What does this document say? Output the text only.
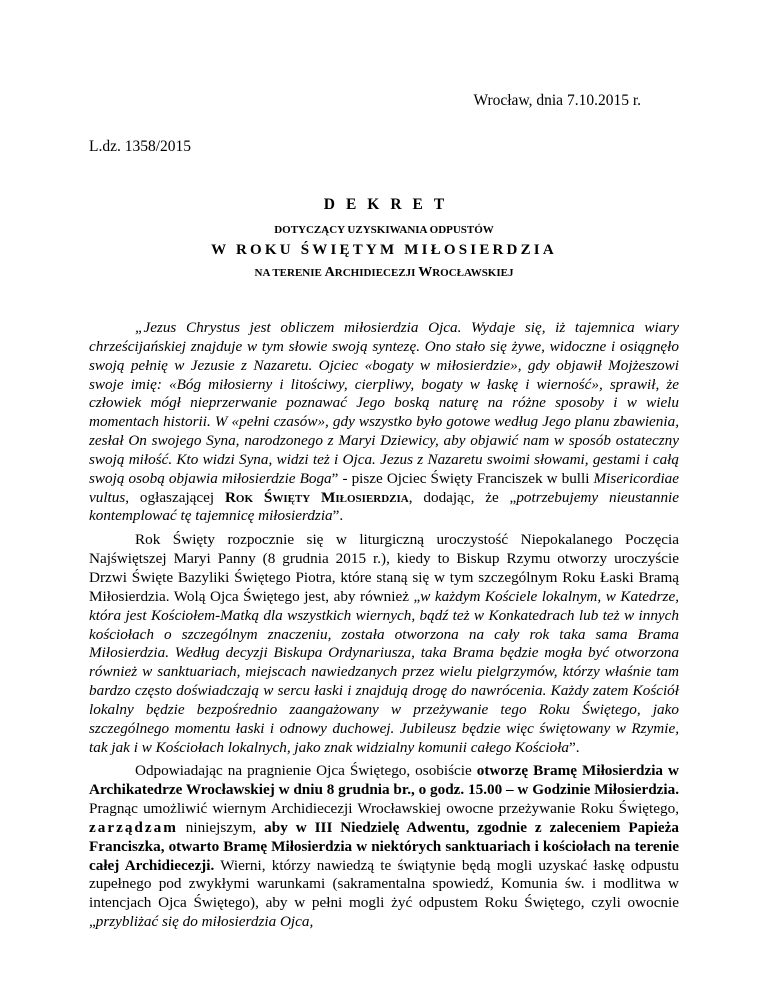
Wrocław, dnia 7.10.2015 r.
L.dz. 1358/2015
DEKRET
DOTYCZĄCY UZYSKIWANIA ODPUSTÓW
W ROKU ŚWIĘTYM MIŁOSIERDZIA
NA TERENIE ARCHIDIECEZJI WROCŁAWSKIEJ

„Jezus Chrystus jest obliczem miłosierdzia Ojca. Wydaje się, iż tajemnica wiary chrześcijańskiej znajduje w tym słowie swoją syntezę. Ono stało się żywe, widoczne i osiągnęło swoją pełnię w Jezusie z Nazaretu. Ojciec «bogaty w miłosierdzie», gdy objawił Mojżeszowi swoje imię: «Bóg miłosierny i litościwy, cierpliwy, bogaty w łaskę i wierność», sprawił, że człowiek mógł nieprzerwanie poznawać Jego boską naturę na różne sposoby i w wielu momentach historii. W «pełni czasów», gdy wszystko było gotowe według Jego planu zbawienia, zesłał On swojego Syna, narodzonego z Maryi Dziewicy, aby objawić nam w sposób ostateczny swoją miłość. Kto widzi Syna, widzi też i Ojca. Jezus z Nazaretu swoimi słowami, gestami i całą swoją osobą objawia miłosierdzie Boga” - pisze Ojciec Święty Franciszek w bulli Misericordiae vultus, ogłaszającej Rok Święty Miłosierdzia, dodając, że „potrzebujemy nieustannie kontemplować tę tajemnicę miłosierdzia”.

Rok Święty rozpocznie się w liturgiczną uroczystość Niepokalanego Poczęcia Najświętszej Maryi Panny (8 grudnia 2015 r.), kiedy to Biskup Rzymu otworzy uroczyście Drzwi Święte Bazyliki Świętego Piotra, które staną się w tym szczególnym Roku Łaski Bramą Miłosierdzia. Wolą Ojca Świętego jest, aby również „w każdym Kościele lokalnym, w Katedrze, która jest Kościołem-Matką dla wszystkich wiernych, bądź też w Konkatedrach lub też w innych kościołach o szczególnym znaczeniu, została otworzona na cały rok taka sama Brama Miłosierdzia. Według decyzji Biskupa Ordynariusza, taka Brama będzie mogła być otworzona również w sanktuariach, miejscach nawiedzanych przez wielu pielgrzymów, którzy właśnie tam bardzo często doświadczają w sercu łaski i znajdują drogę do nawrócenia. Każdy zatem Kościół lokalny będzie bezpośrednio zaangażowany w przeżywanie tego Roku Świętego, jako szczególnego momentu łaski i odnowy duchowej. Jubileusz będzie więc świętowany w Rzymie, tak jak i w Kościołach lokalnych, jako znak widzialny komunii całego Kościoła”.

Odpowiadając na pragnienie Ojca Świętego, osobiście otworzę Bramę Miłosierdzia w Archikatedrze Wrocławskiej w dniu 8 grudnia br., o godz. 15.00 – w Godzinie Miłosierdzia. Pragnąc umożliwić wiernym Archidiecezji Wrocławskiej owocne przeżywanie Roku Świętego, zarządzam niniejszym, aby w III Niedzielę Adwentu, zgodnie z zaleceniem Papieża Franciszka, otwarto Bramę Miłosierdzia w niektórych sanktuariach i kościołach na terenie całej Archidiecezji. Wierni, którzy nawiedzą te świątynie będą mogli uzyskać łaskę odpustu zupełnego pod zwykłymi warunkami (sakramentalna spowiedź, Komunia św. i modlitwa w intencjach Ojca Świętego), aby w pełni mogli żyć odpustem Roku Świętego, czyli owocnie „przybliżać się do miłosierdzia Ojca,
